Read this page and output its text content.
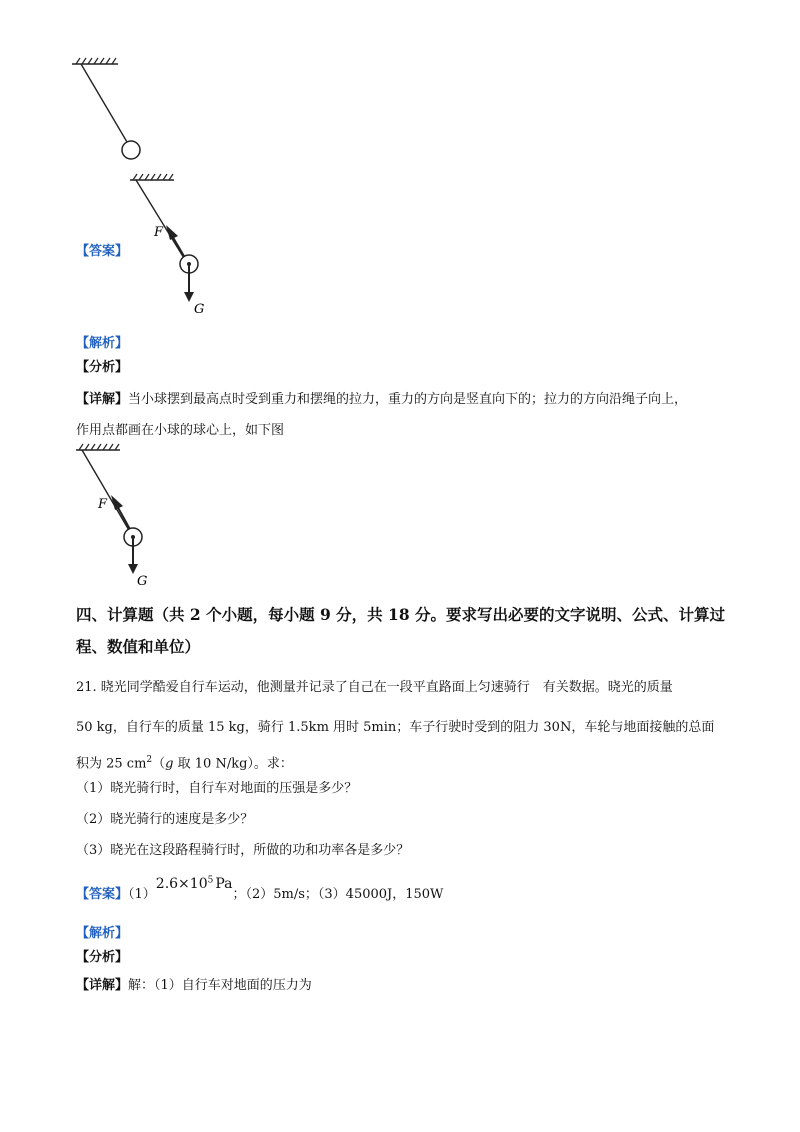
F
G
【答案】
【解析】
【分析】
【详解】当小球摆到最高点时受到重力和摆绳的拉力，重力的方向是竖直向下的；拉力的方向沿绳子向上，
作用点都画在小球的球心上，如下图
F
G
四、计算题（共 2 个小题，每小题 9 分，共 18 分。要求写出必要的文字说明、公式、计算过
程、数值和单位）
21. 晓光同学酷爱自行车运动，他测量并记录了自己在一段平直路面上匀速骑行　有关数据。晓光的质量
50 kg，自行车的质量 15 kg，骑行 1.5km 用时 5min；车子行驶时受到的阻力 30N，车轮与地面接触的总面
积为 25 $cm^2(g$ 取 10 N/kg）。求：
（1）晓光骑行时，自行车对地面的压强是多少？
（2）晓光骑行的速度是多少？
（3）晓光在这段路程骑行时，所做的功和功率各是多少？
【答案】$(1)2.6\times 10^5$ Pa；（2）5m/s；（3）45000J，150W
【解析】
【分析】
【详解】解：（1）自行车对地面的压力为
